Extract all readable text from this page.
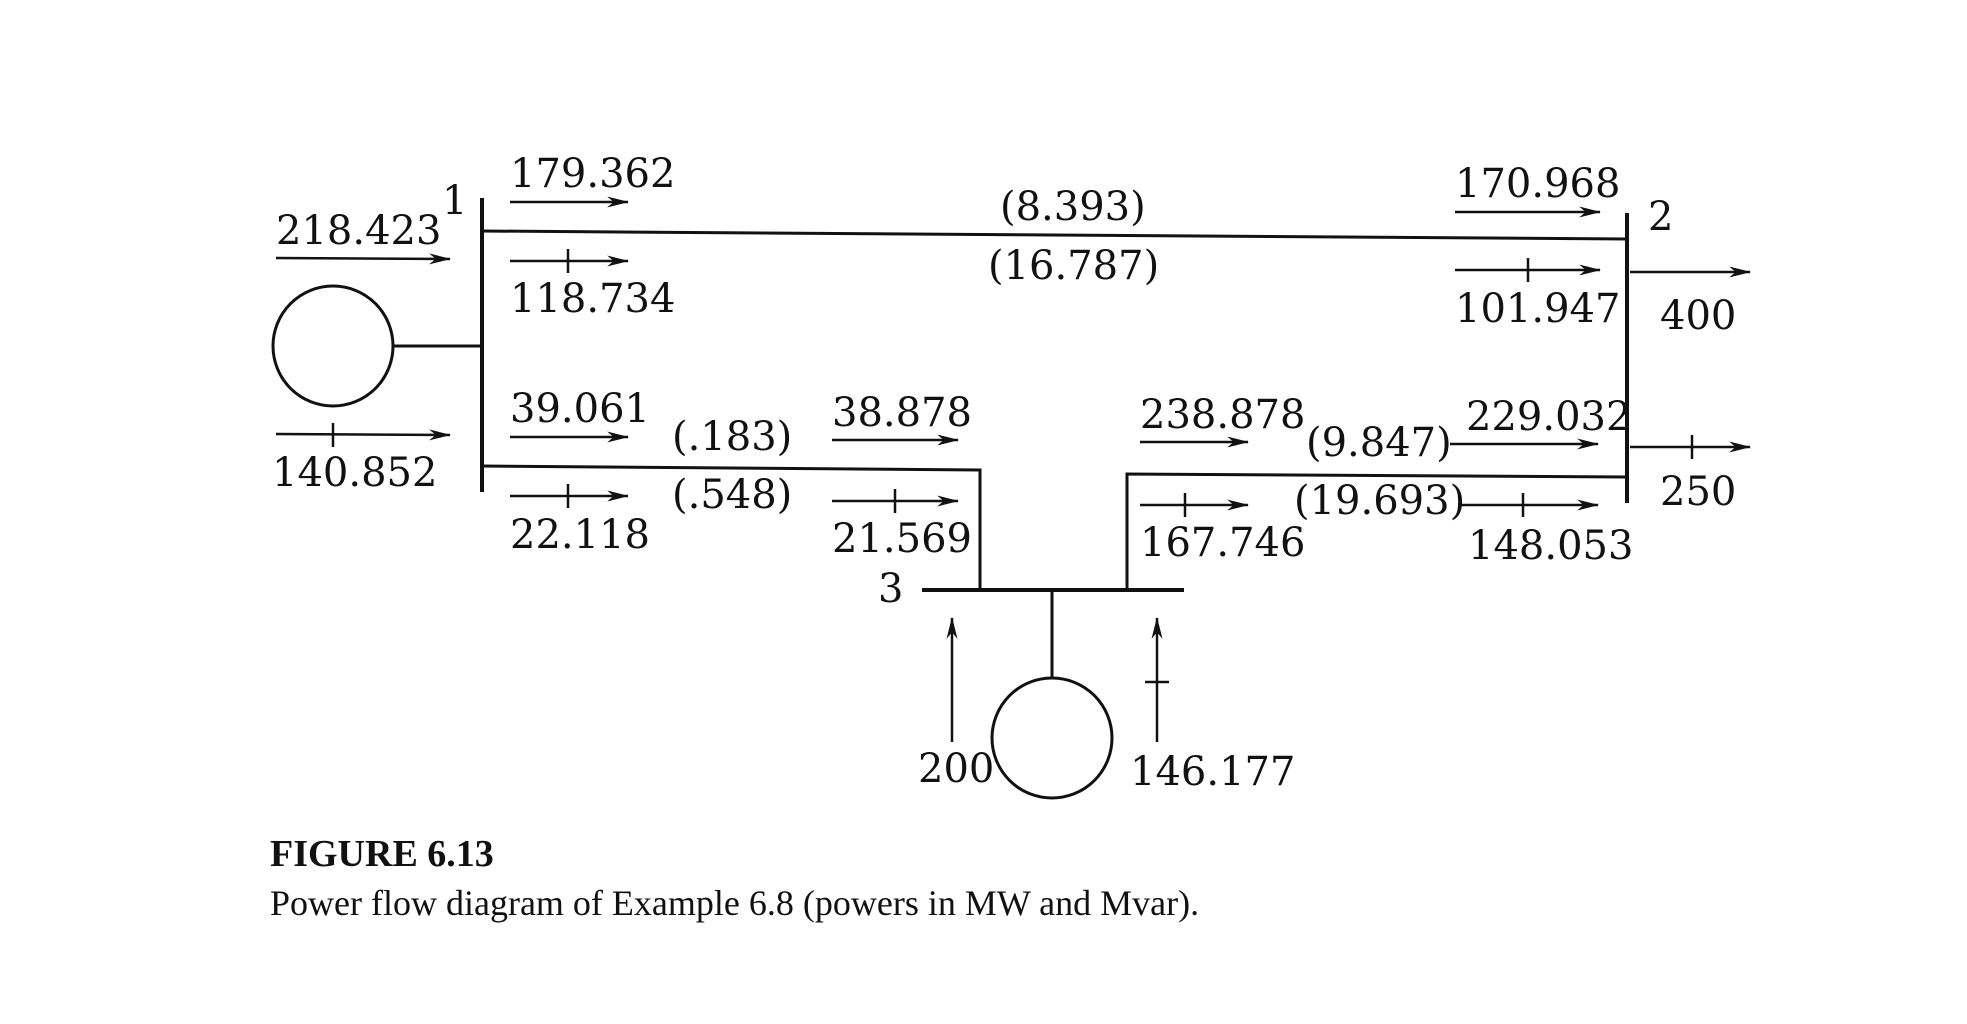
1	2
3
218.423
140.852
179.362
118.734
(8.393)
(16.787)
170.968
101.947 400
250
39.061
22.118
(.183)
(.548)
38.878
21.569
238.878
167.746
(9.847)
(19.693)
229.032
148.053
200	146.177
FIGURE 6.13
Power flow diagram of Example 6.8 (powers in MW and Mvar).
